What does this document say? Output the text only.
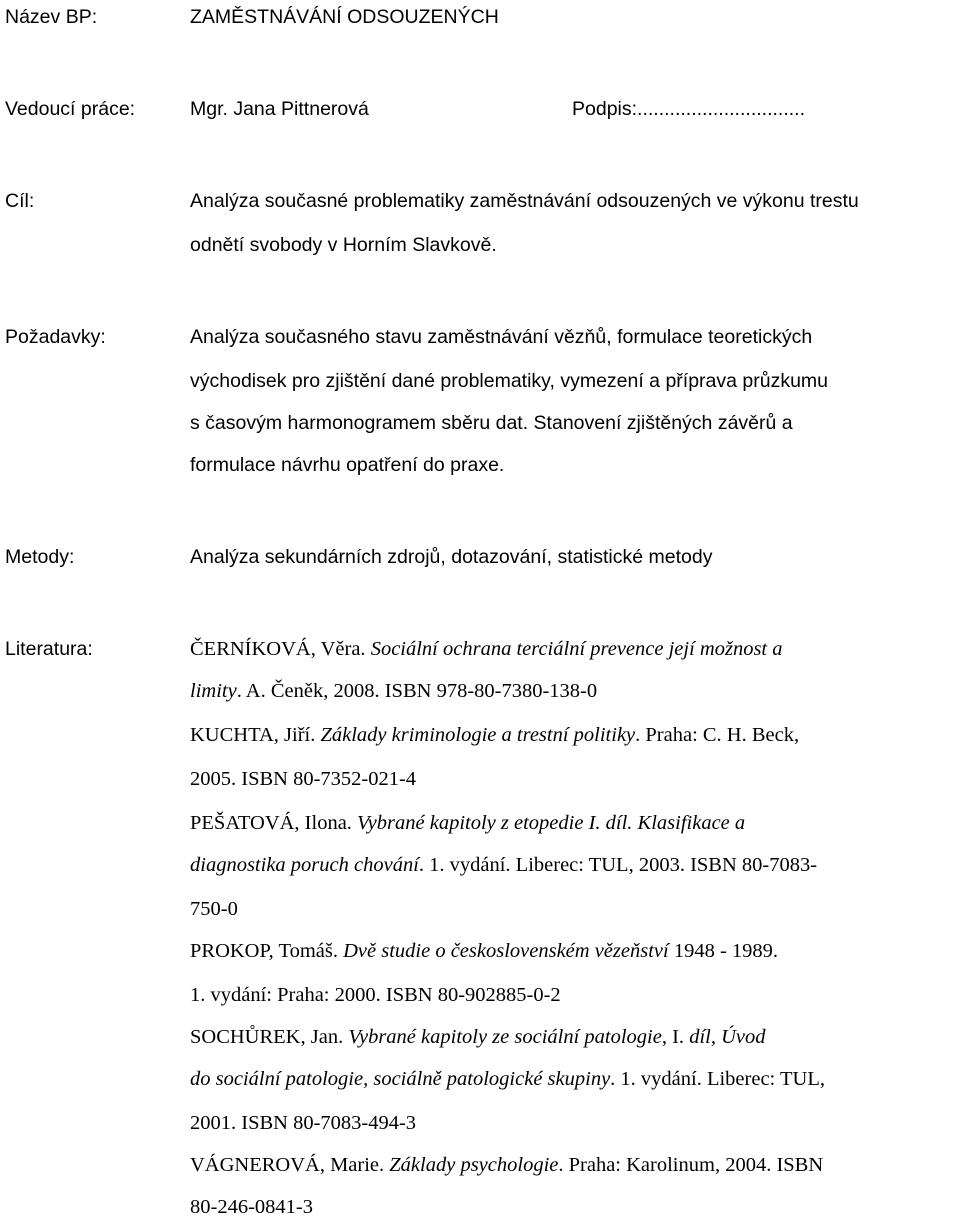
Název BP:	ZAMĚSTNÁVÁNÍ ODSOUZENÝCH
Vedoucí práce:	Mgr. Jana Pittnerová	Podpis:...............................
Cíl:	Analýza současné problematiky zaměstnávání odsouzených ve výkonu trestu
odnětí svobody v Horním Slavkově.
Požadavky:	Analýza současného stavu zaměstnávání vězňů, formulace teoretických
východisek pro zjištění dané problematiky, vymezení a příprava průzkumu
s časovým harmonogramem sběru dat. Stanovení zjištěných závěrů a
formulace návrhu opatření do praxe.
Metody:	Analýza sekundárních zdrojů, dotazování, statistické metody
Literatura:	ČERNÍKOVÁ, Věra. Sociální ochrana terciální prevence její možnost a
limity. A. Čeněk, 2008. ISBN 978-80-7380-138-0
KUCHTA, Jiří. Základy kriminologie a trestní politiky. Praha: C. H. Beck,
2005. ISBN 80-7352-021-4
PEŠATOVÁ, Ilona. Vybrané kapitoly z etopedie I. díl. Klasifikace a
diagnostika poruch chování. 1. vydání. Liberec: TUL, 2003. ISBN 80-7083-
750-0
PROKOP, Tomáš. Dvě studie o československém vězeňství 1948 - 1989.
1. vydání: Praha: 2000. ISBN 80-902885-0-2
SOCHŮREK, Jan. Vybrané kapitoly ze sociální patologie, I. díl, Úvod
do sociální patologie, sociálně patologické skupiny. 1. vydání. Liberec: TUL,
2001. ISBN 80-7083-494-3
VÁGNEROVÁ, Marie. Základy psychologie. Praha: Karolinum, 2004. ISBN
80-246-0841-3
